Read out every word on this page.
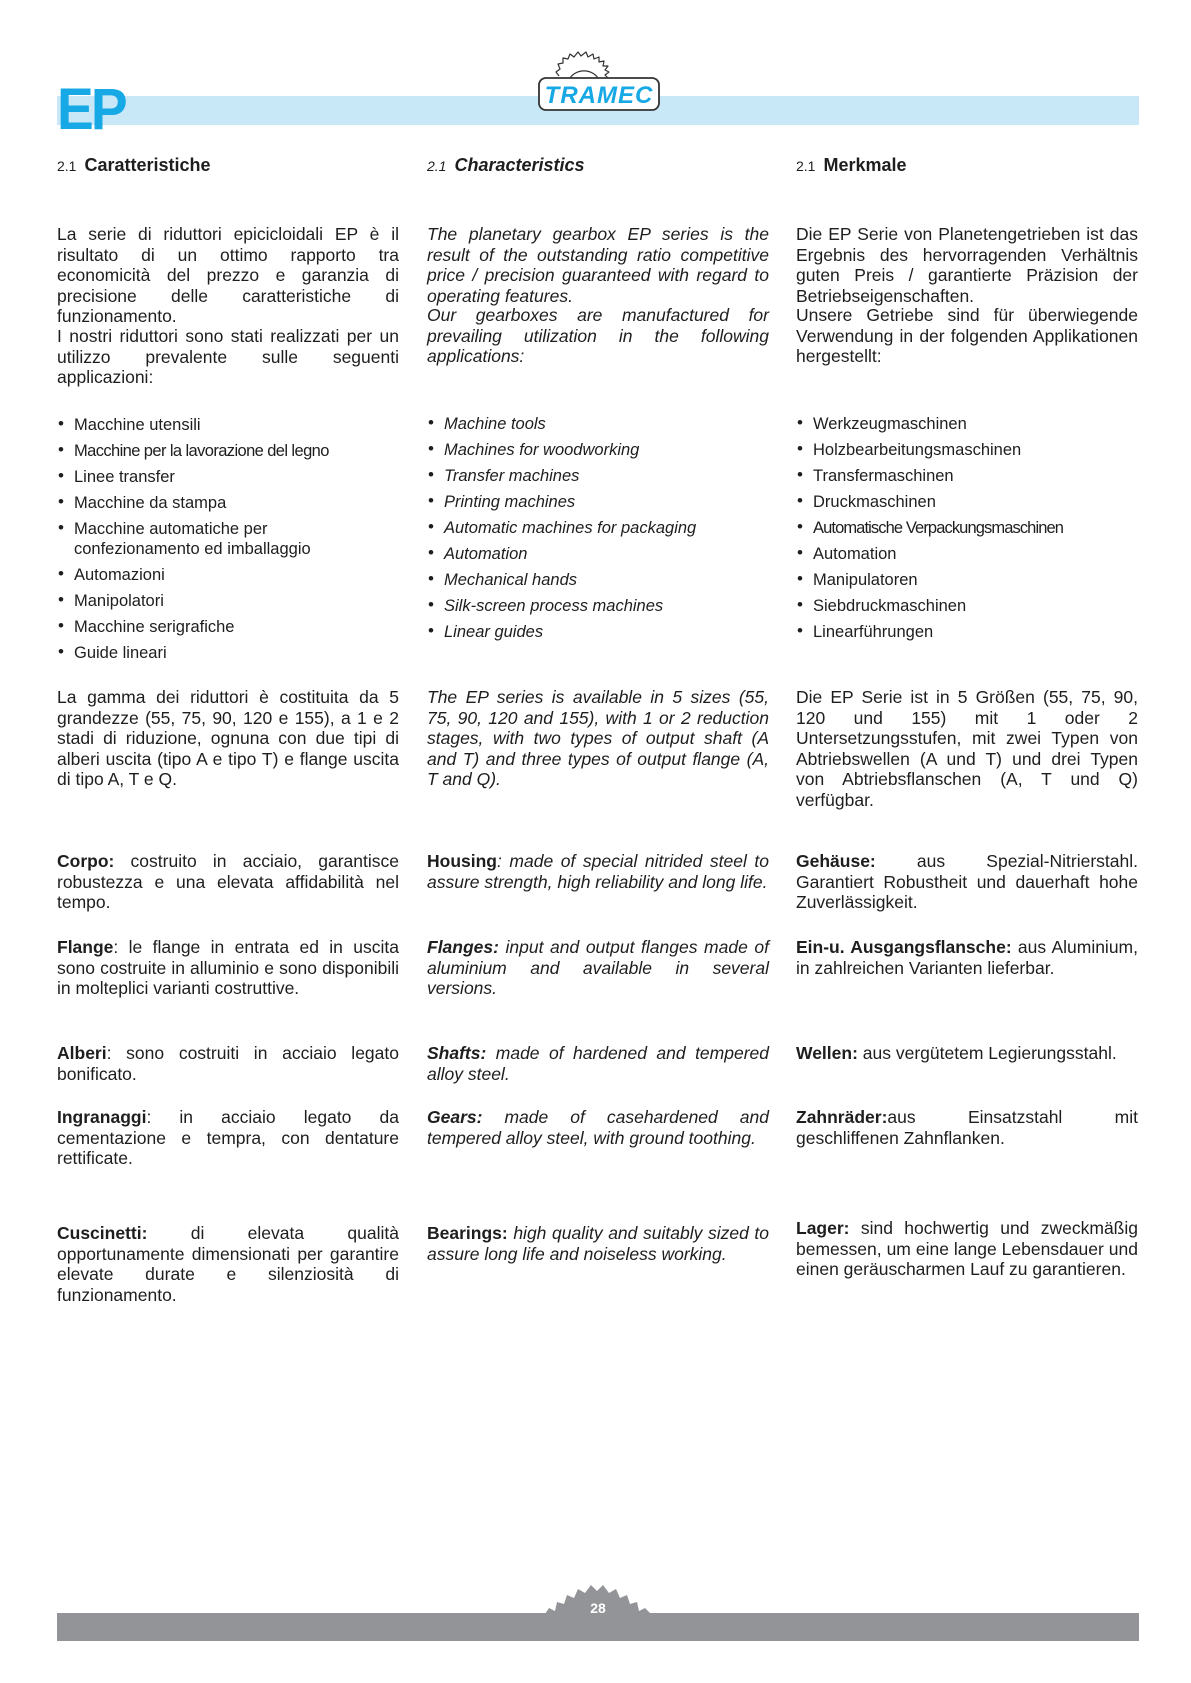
EP	TRAMEC
2.1 Caratteristiche	2.1 Characteristics	2.1 Merkmale

La serie di riduttori epicicloidali EP è il risultato di un ottimo rapporto tra economicità del prezzo e garanzia di precisione delle caratteristiche di funzionamento.

I nostri riduttori sono stati realizzati per un utilizzo prevalente sulle seguenti applicazioni:

• Macchine utensili
• Macchine per la lavorazione del legno
• Linee transfer
• Macchine da stampa
• Macchine automatiche per confezionamento ed imballaggio
• Automazioni
• Manipolatori
• Macchine serigrafiche
• Guide lineari

La gamma dei riduttori è costituita da 5 grandezze (55, 75, 90, 120 e 155), a 1 e 2 stadi di riduzione, ognuna con due tipi di alberi uscita (tipo A e tipo T) e flange uscita di tipo A, T e Q.

Corpo: costruito in acciaio, garantisce robustezza e una elevata affidabilità nel tempo.

Flange: le flange in entrata ed in uscita sono costruite in alluminio e sono disponibili in molteplici varianti costruttive.

Alberi: sono costruiti in acciaio legato bonificato.

Ingranaggi: in acciaio legato da cementazione e tempra, con dentature rettificate.

Cuscinetti: di elevata qualità opportunamente dimensionati per garantire elevate durate e silenziosità di funzionamento.

The planetary gearbox EP series is the result of the outstanding ratio competitive price / precision guaranteed with regard to operating features.

Our gearboxes are manufactured for prevailing utilization in the following applications:

• Machine tools
• Machines for woodworking
• Transfer machines
• Printing machines
• Automatic machines for packaging
• Automation
• Mechanical hands
• Silk-screen process machines
• Linear guides

The EP series is available in 5 sizes (55, 75, 90, 120 and 155), with 1 or 2 reduction stages, with two types of output shaft (A and T) and three types of output flange (A, T and Q).

Housing: made of special nitrided steel to assure strength, high reliability and long life.

Flanges: input and output flanges made of aluminium and available in several versions.

Shafts: made of hardened and tempered alloy steel.

Gears: made of casehardened and tempered alloy steel, with ground toothing.

Bearings: high quality and suitably sized to assure long life and noiseless working.

Die EP Serie von Planetengetrieben ist das Ergebnis des hervorragenden Verhältnis guten Preis / garantierte Präzision der Betriebseigenschaften.

Unsere Getriebe sind für überwiegende Verwendung in der folgenden Applikationen hergestellt:

• Werkzeugmaschinen
• Holzbearbeitungsmaschinen
• Transfermaschinen
• Druckmaschinen
• Automatische Verpackungsmaschinen
• Automation
• Manipulatoren
• Siebdruckmaschinen
• Linearführungen

Die EP Serie ist in 5 Größen (55, 75, 90, 120 und 155) mit 1 oder 2 Untersetzungsstufen, mit zwei Typen von Abtriebswellen (A und T) und drei Typen von Abtriebsflanschen (A, T und Q) verfügbar.

Gehäuse: aus Spezial-Nitrierstahl. Garantiert Robustheit und dauerhaft hohe Zuverlässigkeit.

Ein-u. Ausgangsflansche: aus Aluminium, in zahlreichen Varianten lieferbar.

Wellen: aus vergütetem Legierungsstahl.

Zahnräder:aus Einsatzstahl mit geschliffenen Zahnflanken.

Lager: sind hochwertig und zweckmäßig bemessen, um eine lange Lebensdauer und einen geräuscharmen Lauf zu garantieren.

28
